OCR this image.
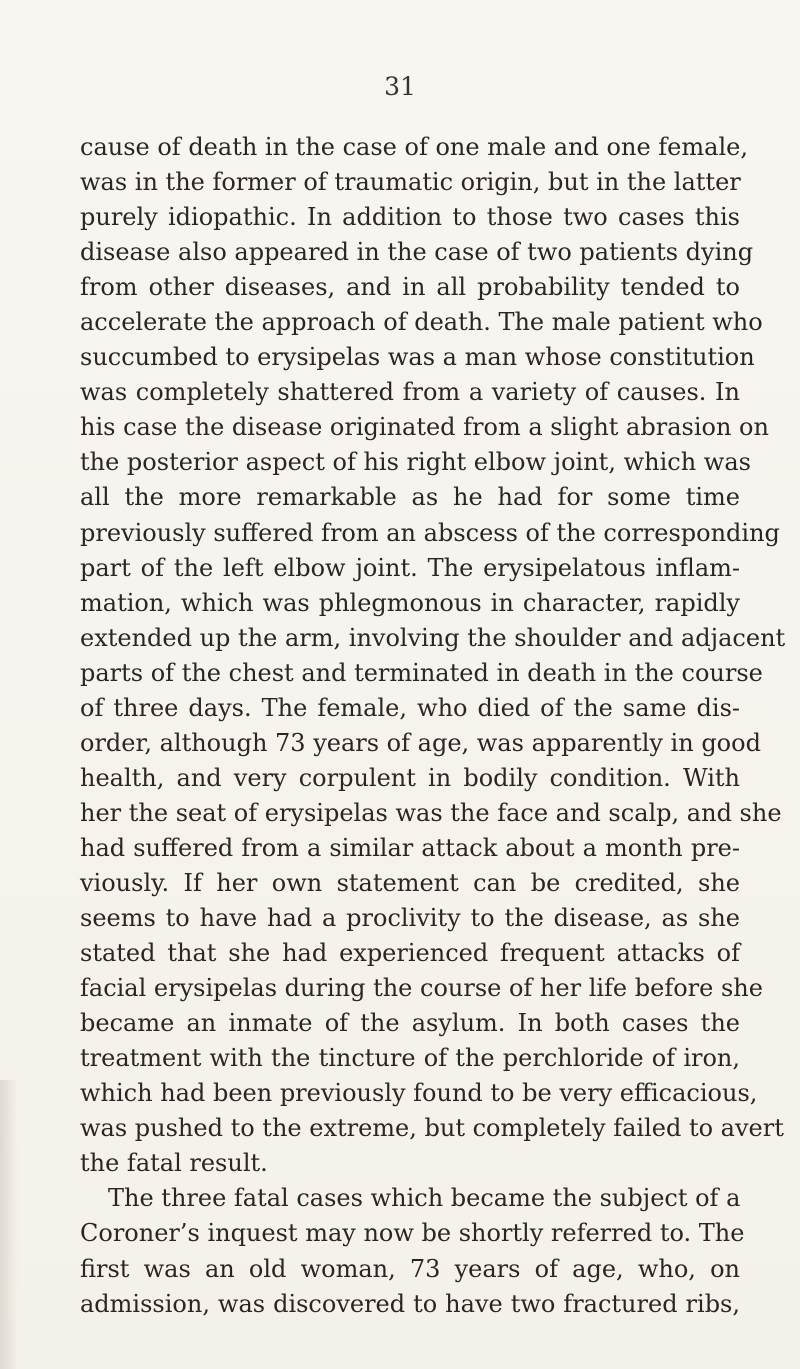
31
cause of death in the case of one male and one female,
was in the former of traumatic origin, but in the latter
purely idiopathic. In addition to those two cases this
disease also appeared in the case of two patients dying
from other diseases, and in all probability tended to
accelerate the approach of death. The male patient who
succumbed to erysipelas was a man whose constitution
was completely shattered from a variety of causes. In
his case the disease originated from a slight abrasion on
the posterior aspect of his right elbow joint, which was
all the more remarkable as he had for some time
previously suffered from an abscess of the corresponding
part of the left elbow joint. The erysipelatous inflam-
mation, which was phlegmonous in character, rapidly
extended up the arm, involving the shoulder and adjacent
parts of the chest and terminated in death in the course
of three days. The female, who died of the same dis-
order, although 73 years of age, was apparently in good
health, and very corpulent in bodily condition. With
her the seat of erysipelas was the face and scalp, and she
had suffered from a similar attack about a month pre-
viously. If her own statement can be credited, she
seems to have had a proclivity to the disease, as she
stated that she had experienced frequent attacks of
facial erysipelas during the course of her life before she
became an inmate of the asylum. In both cases the
treatment with the tincture of the perchloride of iron,
which had been previously found to be very efficacious,
was pushed to the extreme, but completely failed to avert
the fatal result.
The three fatal cases which became the subject of a
Coroner’s inquest may now be shortly referred to. The
first was an old woman, 73 years of age, who, on
admission, was discovered to have two fractured ribs,
